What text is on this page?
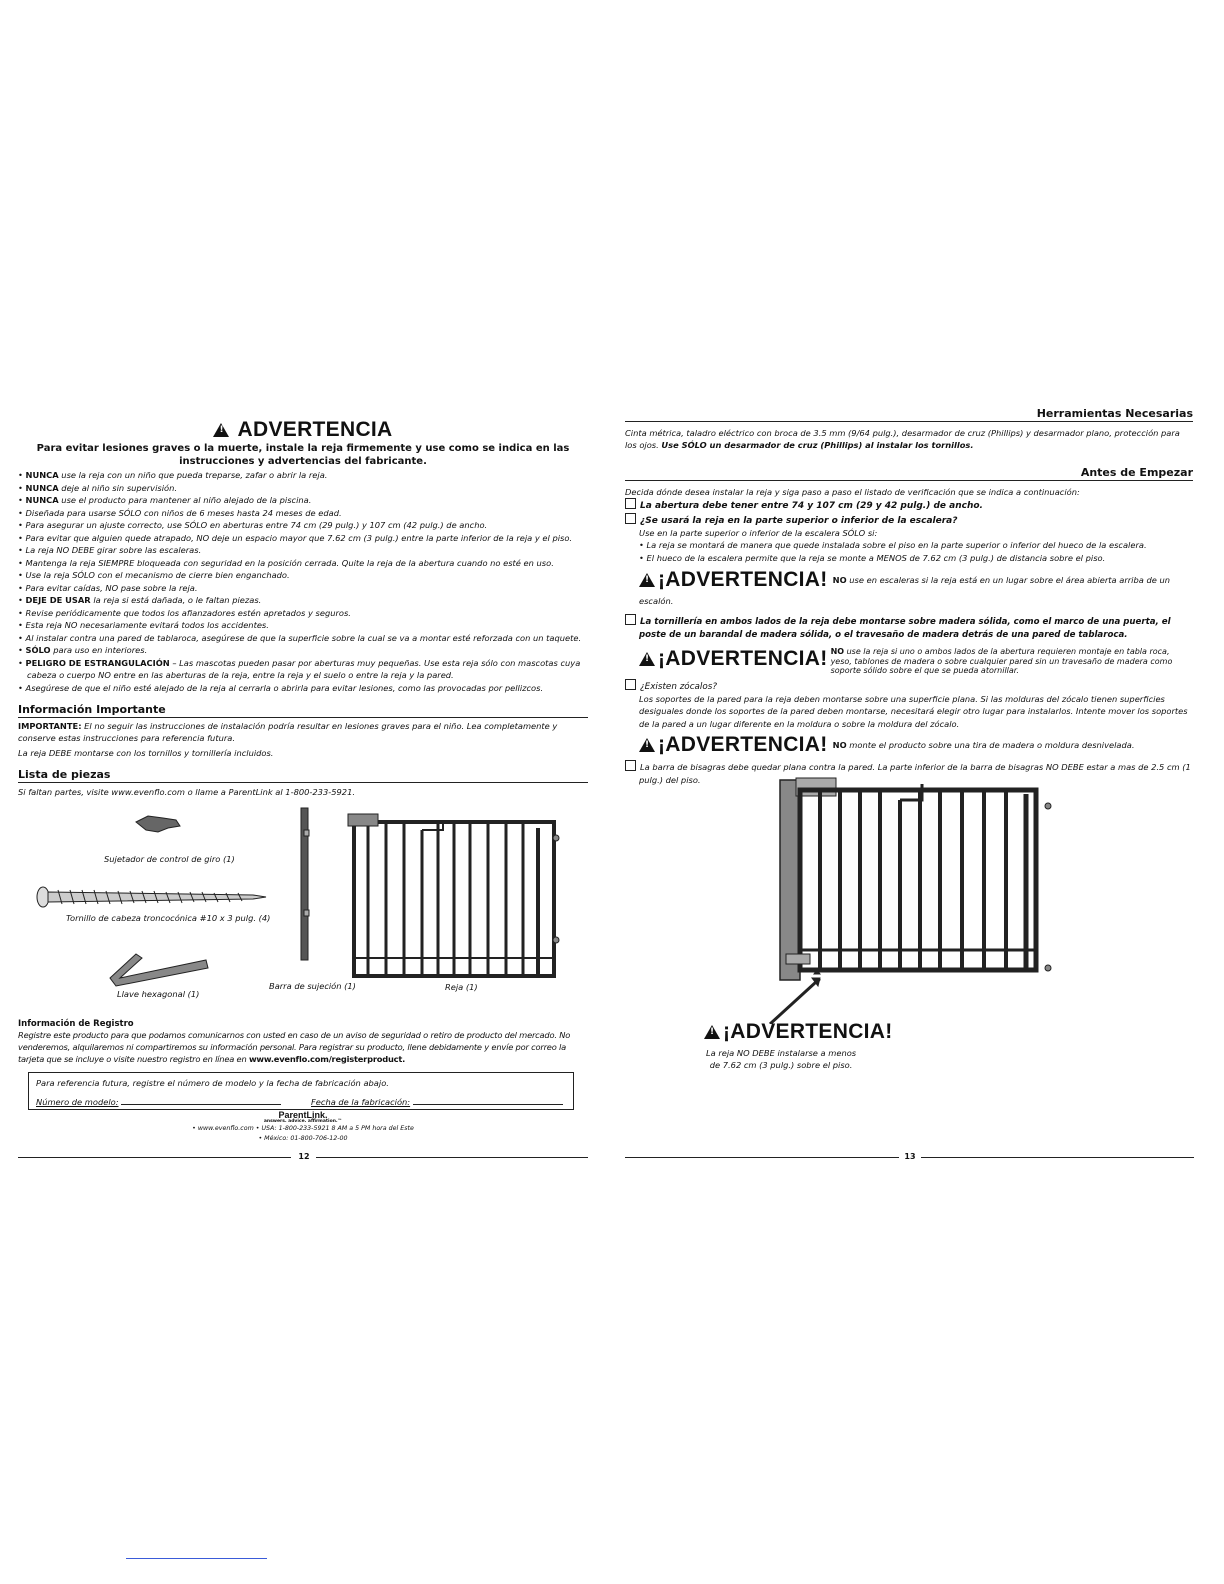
! ADVERTENCIA
Para evitar lesiones graves o la muerte, instale la reja firmemente y use como se indica en las
instrucciones y advertencias del fabricante.
• NUNCA use la reja con un niño que pueda treparse, zafar o abrir la reja.
• NUNCA deje al niño sin supervisión.
• NUNCA use el producto para mantener al niño alejado de la piscina.
• Diseñada para usarse SÓLO con niños de 6 meses hasta 24 meses de edad.
• Para asegurar un ajuste correcto, use SÓLO en aberturas entre 74 cm (29 pulg.) y 107 cm (42 pulg.) de ancho.
• Para evitar que alguien quede atrapado, NO deje un espacio mayor que 7.62 cm (3 pulg.) entre la parte inferior de la reja y el piso.
• La reja NO DEBE girar sobre las escaleras.
• Mantenga la reja SIEMPRE bloqueada con seguridad en la posición cerrada. Quite la reja de la abertura cuando no esté en uso.
• Use la reja SÓLO con el mecanismo de cierre bien enganchado.
• Para evitar caídas, NO pase sobre la reja.
• DEJE DE USAR la reja si está dañada, o le faltan piezas.
• Revise periódicamente que todos los afianzadores estén apretados y seguros.
• Esta reja NO necesariamente evitará todos los accidentes.
• Al instalar contra una pared de tablaroca, asegúrese de que la superficie sobre la cual se va a montar esté reforzada con un taquete.
• SÓLO para uso en interiores.
• PELIGRO DE ESTRANGULACIÓN – Las mascotas pueden pasar por aberturas muy pequeñas. Use esta reja sólo con mascotas cuya cabeza o cuerpo NO entre en las aberturas de la reja, entre la reja y el suelo o entre la reja y la pared.
• Asegúrese de que el niño esté alejado de la reja al cerrarla o abrirla para evitar lesiones, como las provocadas por pellizcos.
Información Importante
IMPORTANTE: El no seguir las instrucciones de instalación podría resultar en lesiones graves para el niño. Lea completamente y conserve estas instrucciones para referencia futura.
La reja DEBE montarse con los tornillos y tornillería incluidos.
Lista de piezas
Si faltan partes, visite www.evenflo.com o llame a ParentLink al 1-800-233-5921.
Sujetador de control de giro (1)
Tornillo de cabeza troncocónica #10 x 3 pulg. (4)
Llave hexagonal (1)
Barra de sujeción (1)	Reja (1)
Información de Registro
Registre este producto para que podamos comunicarnos con usted en caso de un aviso de seguridad o retiro de producto del mercado. No venderemos, alquilaremos ni compartiremos su información personal. Para registrar su producto, llene debidamente y envíe por correo la tarjeta que se incluye o visite nuestro registro en línea en www.evenflo.com/registerproduct.
Para referencia futura, registre el número de modelo y la fecha de fabricación abajo.
Número de modelo:	Fecha de la fabricación:
ParentLink.
answers. advice. affirmation.™
• www.evenflo.com • USA: 1-800-233-5921 8 AM a 5 PM hora del Este
• México: 01-800-706-12-00
12
Herramientas Necesarias
Cinta métrica, taladro eléctrico con broca de 3.5 mm (9/64 pulg.), desarmador de cruz (Phillips) y desarmador plano, protección para los ojos. Use SÓLO un desarmador de cruz (Phillips) al instalar los tornillos.
Antes de Empezar
Decida dónde desea instalar la reja y siga paso a paso el listado de verificación que se indica a continuación:
La abertura debe tener entre 74 y 107 cm (29 y 42 pulg.) de ancho.
¿Se usará la reja en la parte superior o inferior de la escalera?
Use en la parte superior o inferior de la escalera SÓLO si:
• La reja se montará de manera que quede instalada sobre el piso en la parte superior o inferior del hueco de la escalera.
• El hueco de la escalera permite que la reja se monte a MENOS de 7.62 cm (3 pulg.) de distancia sobre el piso.
!¡ADVERTENCIA! NO use en escaleras si la reja está en un lugar sobre el área abierta arriba de un escalón.
La tornillería en ambos lados de la reja debe montarse sobre madera sólida, como el marco de una puerta, el poste de un barandal de madera sólida, o el travesaño de madera detrás de una pared de tablaroca.
!¡ADVERTENCIA! NO use la reja si uno o ambos lados de la abertura requieren montaje en tabla roca, yeso, tablones de madera o sobre cualquier pared sin un travesaño de madera como soporte sólido sobre el que se pueda atornillar.
¿Existen zócalos?
Los soportes de la pared para la reja deben montarse sobre una superficie plana. Si las molduras del zócalo tienen superficies desiguales donde los soportes de la pared deben montarse, necesitará elegir otro lugar para instalarlos. Intente mover los soportes de la pared a un lugar diferente en la moldura o sobre la moldura del zócalo.
!¡ADVERTENCIA! NO monte el producto sobre una tira de madera o moldura desnivelada.
La barra de bisagras debe quedar plana contra la pared. La parte inferior de la barra de bisagras NO DEBE estar a mas de 2.5 cm (1 pulg.) del piso.
!¡ADVERTENCIA!
La reja NO DEBE instalarse a menos
de 7.62 cm (3 pulg.) sobre el piso.
13
